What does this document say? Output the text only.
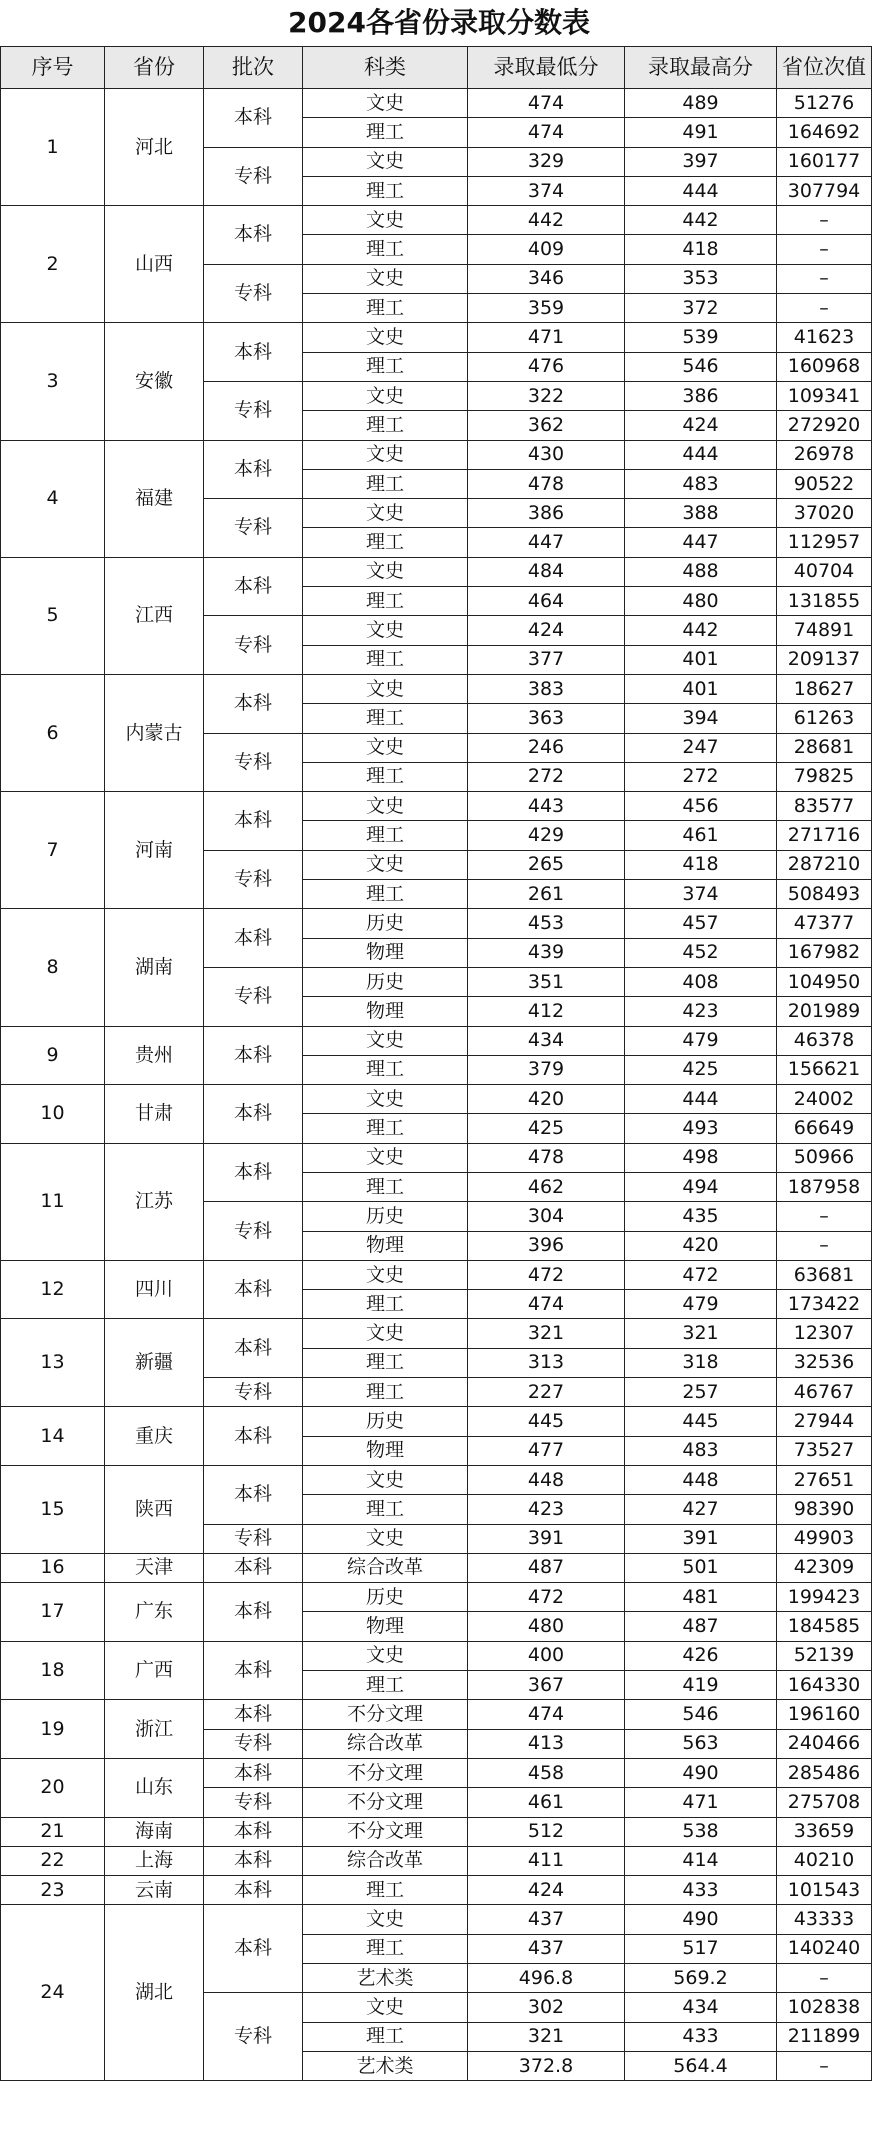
2024各省份录取分数表
序号	省份	批次	科类	录取最低分	录取最高分	省位次值
1	河北	本科	文史	474	489	51276
			理工	474	491	164692
		专科	文史	329	397	160177
			理工	374	444	307794
2	山西	本科	文史	442	442	–
			理工	409	418	–
		专科	文史	346	353	–
			理工	359	372	–
3	安徽	本科	文史	471	539	41623
			理工	476	546	160968
		专科	文史	322	386	109341
			理工	362	424	272920
4	福建	本科	文史	430	444	26978
			理工	478	483	90522
		专科	文史	386	388	37020
			理工	447	447	112957
5	江西	本科	文史	484	488	40704
			理工	464	480	131855
		专科	文史	424	442	74891
			理工	377	401	209137
6	内蒙古	本科	文史	383	401	18627
			理工	363	394	61263
		专科	文史	246	247	28681
			理工	272	272	79825
7	河南	本科	文史	443	456	83577
			理工	429	461	271716
		专科	文史	265	418	287210
			理工	261	374	508493
8	湖南	本科	历史	453	457	47377
			物理	439	452	167982
		专科	历史	351	408	104950
			物理	412	423	201989
9	贵州	本科	文史	434	479	46378
			理工	379	425	156621
10	甘肃	本科	文史	420	444	24002
			理工	425	493	66649
11	江苏	本科	文史	478	498	50966
			理工	462	494	187958
		专科	历史	304	435	–
			物理	396	420	–
12	四川	本科	文史	472	472	63681
			理工	474	479	173422
13	新疆	本科	文史	321	321	12307
			理工	313	318	32536
		专科	理工	227	257	46767
14	重庆	本科	历史	445	445	27944
			物理	477	483	73527
15	陕西	本科	文史	448	448	27651
			理工	423	427	98390
		专科	文史	391	391	49903
16	天津	本科	综合改革	487	501	42309
17	广东	本科	历史	472	481	199423
			物理	480	487	184585
18	广西	本科	文史	400	426	52139
			理工	367	419	164330
19	浙江	本科	不分文理	474	546	196160
		专科	综合改革	413	563	240466
20	山东	本科	不分文理	458	490	285486
		专科	不分文理	461	471	275708
21	海南	本科	不分文理	512	538	33659
22	上海	本科	综合改革	411	414	40210
23	云南	本科	理工	424	433	101543
24	湖北	本科	文史	437	490	43333
			理工	437	517	140240
			艺术类	496.8	569.2	–
		专科	文史	302	434	102838
			理工	321	433	211899
			艺术类	372.8	564.4	–
